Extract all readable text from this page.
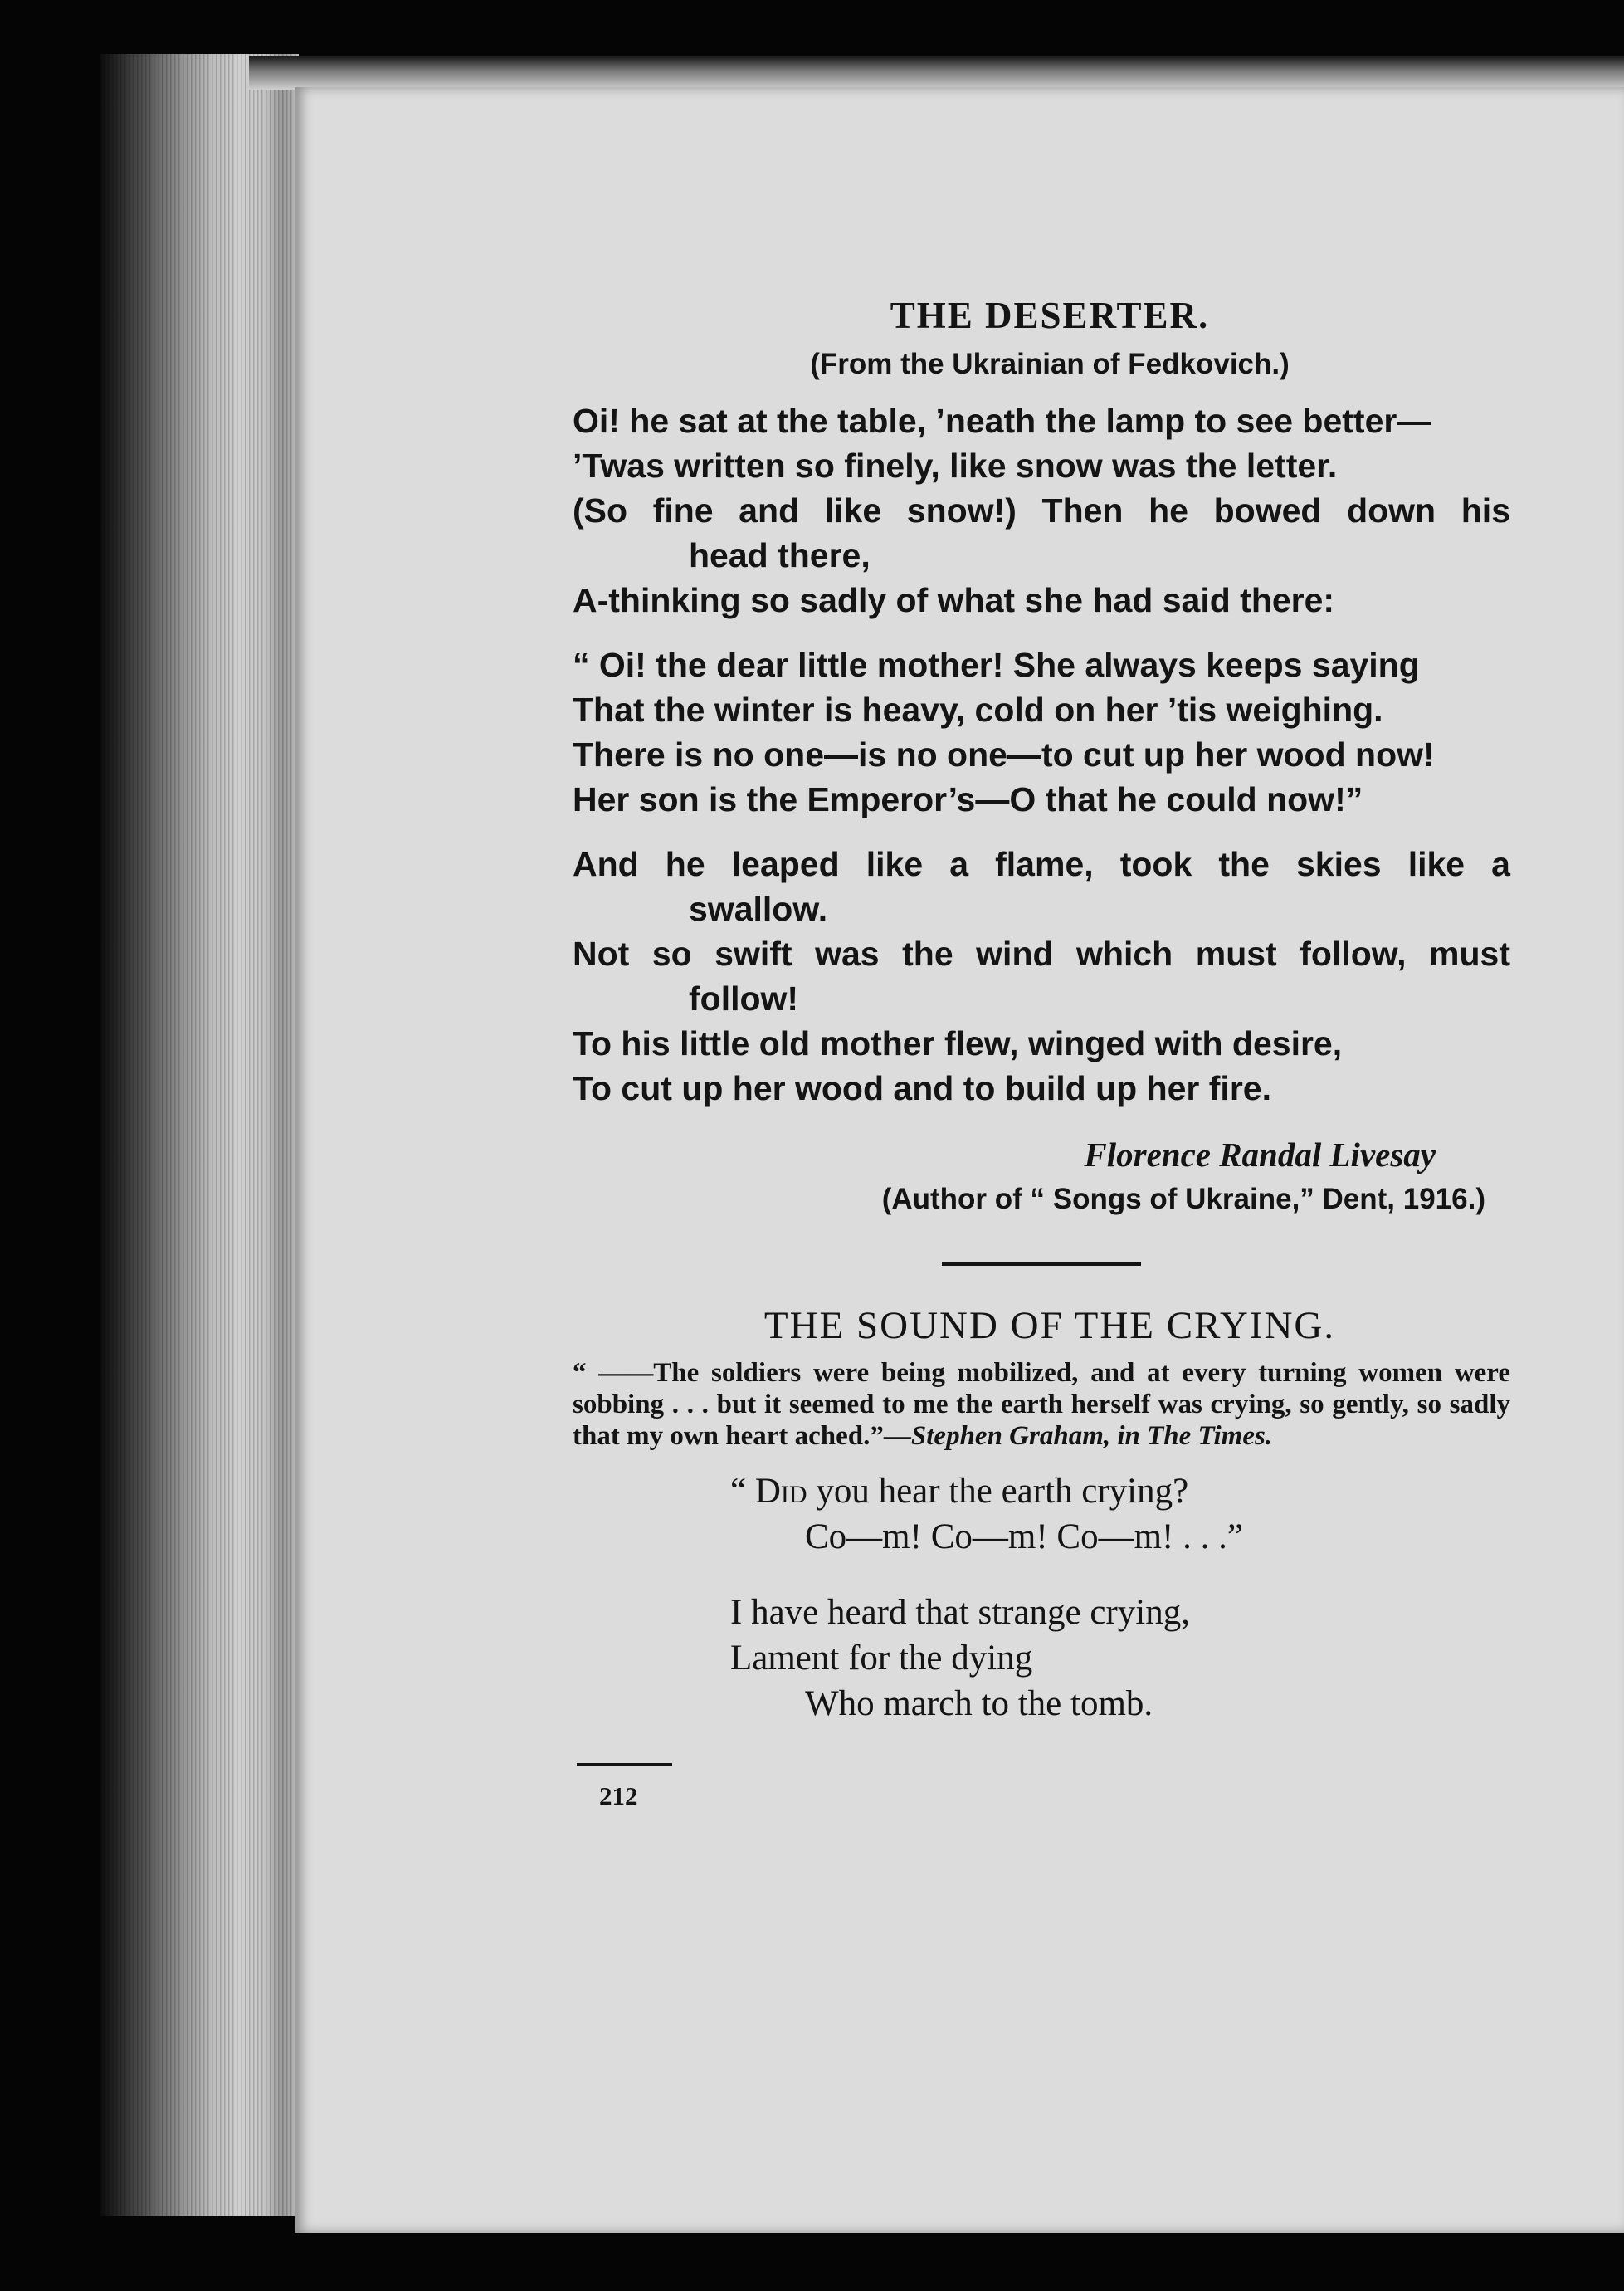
THE DESERTER.
(From the Ukrainian of Fedkovich.)
Oi! he sat at the table, ’neath the lamp to see better—
’Twas written so finely, like snow was the letter.
(So fine and like snow!) Then he bowed down his
head there,
A-thinking so sadly of what she had said there:
“ Oi! the dear little mother! She always keeps saying
That the winter is heavy, cold on her ’tis weighing.
There is no one—is no one—to cut up her wood now!
Her son is the Emperor’s—O that he could now!”
And he leaped like a flame, took the skies like a
swallow.
Not so swift was the wind which must follow, must
follow!
To his little old mother flew, winged with desire,
To cut up her wood and to build up her fire.
Florence Randal Livesay
(Author of “ Songs of Ukraine,” Dent, 1916.)
THE SOUND OF THE CRYING.

“ ——The soldiers were being mobilized, and at every turning women were sobbing . . . but it seemed to me the earth herself was crying, so gently, so sadly that my own heart ached.”—Stephen Graham, in The Times.

“ Did you hear the earth crying?
Co—m! Co—m! Co—m! . . .”
I have heard that strange crying,
Lament for the dying
Who march to the tomb.
212
